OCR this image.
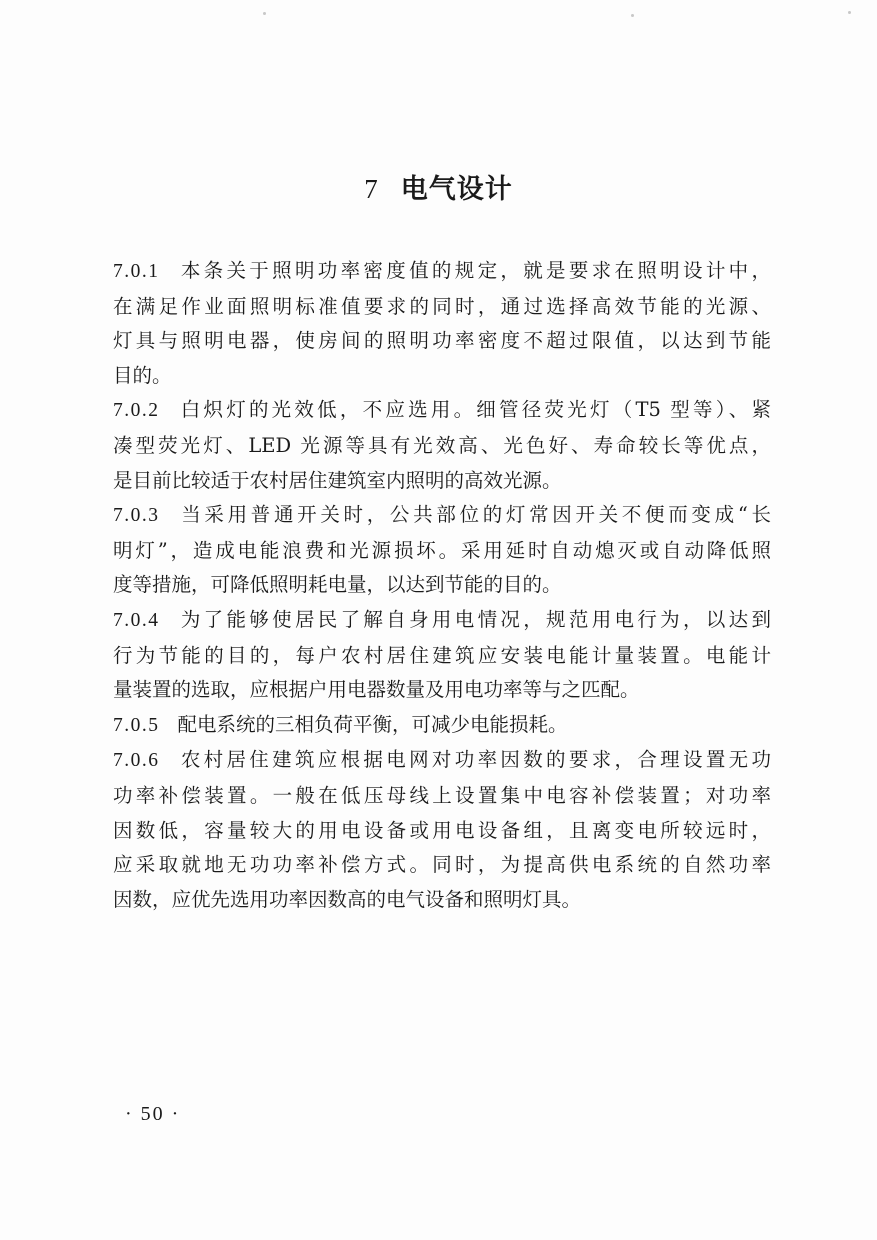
7 电气设计
7.0.1 本条关于照明功率密度值的规定，就是要求在照明设计中，
在满足作业面照明标准值要求的同时，通过选择高效节能的光源、
灯具与照明电器，使房间的照明功率密度不超过限值，以达到节能
目的。
7.0.2 白炽灯的光效低，不应选用。细管径荧光灯（T5 型等）、紧
凑型荧光灯、LED 光源等具有光效高、光色好、寿命较长等优点，
是目前比较适于农村居住建筑室内照明的高效光源。
7.0.3 当采用普通开关时，公共部位的灯常因开关不便而变成“长
明灯”，造成电能浪费和光源损坏。采用延时自动熄灭或自动降低照
度等措施，可降低照明耗电量，以达到节能的目的。
7.0.4 为了能够使居民了解自身用电情况，规范用电行为，以达到
行为节能的目的，每户农村居住建筑应安装电能计量装置。电能计
量装置的选取，应根据户用电器数量及用电功率等与之匹配。
7.0.5 配电系统的三相负荷平衡，可减少电能损耗。
7.0.6 农村居住建筑应根据电网对功率因数的要求，合理设置无功
功率补偿装置。一般在低压母线上设置集中电容补偿装置；对功率
因数低，容量较大的用电设备或用电设备组，且离变电所较远时，
应采取就地无功功率补偿方式。同时，为提高供电系统的自然功率
因数，应优先选用功率因数高的电气设备和照明灯具。
· 50 ·
